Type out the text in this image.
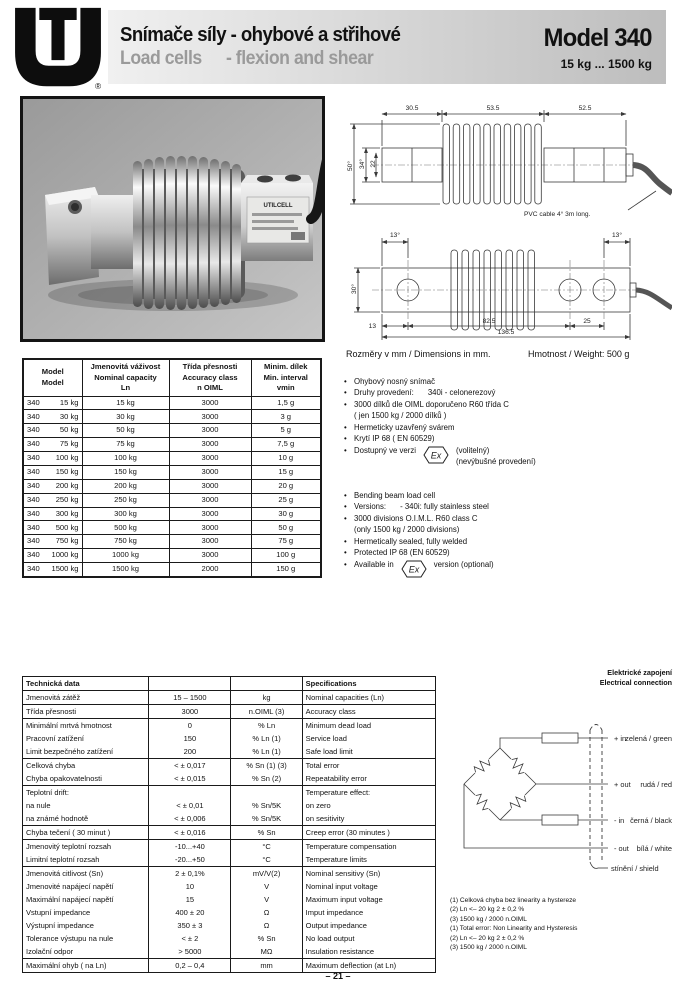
®
Snímače síly - ohybové a střihové
Load cells - flexion and shear
Model 340
15 kg ... 1500 kg
UTILCELL
30.5	53.5	52.5
50° 34° 22
PVC cable 4° 3m long.
13°	13°
30°
13
82.5	25
136.5
Rozměry v mm / Dimensions in mm.	Hmotnost / Weight: 500 g
Model
Model

Jmenovitá váživost
Nominal capacity
Ln

Třída přesnosti
Accuracy class
n OIML

Minim. dílek
Min. interval
vmin

340 15 kg	15 kg	3000	1,5 g

340 30 kg	30 kg	3000	3 g

340 50 kg	50 kg	3000	5 g

340 75 kg	75 kg	3000	7,5 g

340 100 kg	100 kg	3000	10 g

340 150 kg	150 kg	3000	15 g

340 200 kg	200 kg	3000	20 g

340 250 kg	250 kg	3000	25 g

340 300 kg	300 kg	3000	30 g

340 500 kg	500 kg	3000	50 g

340 750 kg	750 kg	3000	75 g

340 1000 kg	1000 kg	3000	100 g

340 1500 kg	1500 kg	2000	150 g
• Ohybový nosný snímač
• Druhy provedení: 340i - celonerezový
• 3000 dílků dle OIML doporučeno R60 třída C
( jen 1500 kg / 2000 dílků )
• Hermeticky uzavřený svárem
• Krytí IP 68 ( EN 60529)
• Dostupný ve verzi Ex (volitelný)
(nevýbušné provedení)
• Bending beam load cell
• Versions: - 340i: fully stainless steel
• 3000 divisions O.I.M.L. R60 class C
(only 1500 kg / 2000 divisions)
• Hermetically sealed, fully welded
• Protected IP 68 (EN 60529)
• Available in Ex version (optional)
Technická data			Specifications
Jmenovitá zátěž	15 – 1500	kg	Nominal capacities (Ln)
Třída přesnosti	3000	n.OIML (3)	Accuracy class
Minimální mrtvá hmotnost	0	% Ln	Minimum dead load
Pracovní zatížení	150	% Ln (1)	Service load
Limit bezpečného zatížení	200	% Ln (1)	Safe load limit
Celková chyba	< ± 0,017	% Sn (1) (3)	Total error
Chyba opakovatelnosti	< ± 0,015	% Sn (2)	Repeatability error
Teplotní drift:			Temperature effect:
na nule	< ± 0,01	% Sn/5K	on zero
na známé hodnotě	< ± 0,006	% Sn/5K	on sesitivity
Chyba tečení ( 30 minut )	< ± 0,016	% Sn	Creep error (30 minutes )
Jmenovitý teplotní rozsah	-10...+40	°C	Temperature compensation
Limitní teplotní rozsah	-20...+50	°C	Temperature limits
Jmenovitá citlivost (Sn)	2 ± 0,1%	mV/V(2)	Nominal sensitivy (Sn)
Jmenovité napájecí napětí	10	V	Nominal input voltage
Maximální napájecí napětí	15	V	Maximum input voltage
Vstupní impedance	400 ± 20	Ω	Imput impedance
Výstupní impedance	350 ± 3	Ω	Output impedance
Tolerance výstupu na nule	< ± 2	% Sn	No load output
Izolační odpor	> 5000	MΩ	Insulation resistance
Maximální ohyb ( na Ln)	0,2 – 0,4	mm	Maximum deflection (at Ln)
Elektrické zapojení
Electrical connection
+ in
+ out
- in
- out
stínění / shield
zelená / green
rudá / red
černá / black
bílá / white
(1) Celková chyba bez linearity a hystereze
(2) Ln <– 20 kg 2 ± 0,2 %
(3) 1500 kg / 2000 n.OIML
(1) Total error: Non Linearity and Hysteresis
(2) Ln <– 20 kg 2 ± 0,2 %
(3) 1500 kg / 2000 n.OIML
– 21 –
